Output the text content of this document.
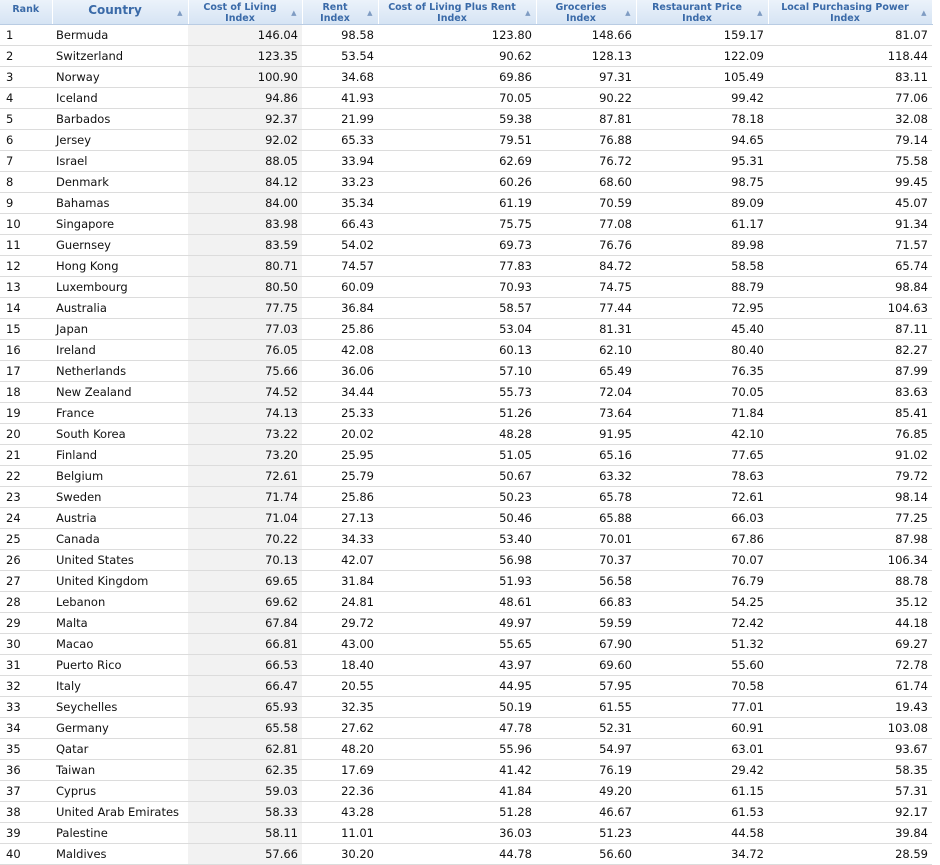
Rank	Country ▲	Cost of Living Index ▲	Rent Index ▲	Cost of Living Plus Rent Index ▲	Groceries Index ▲	Restaurant Price Index ▲	Local Purchasing Power Index ▲

1	Bermuda	146.04	98.58	123.80	148.66	159.17	81.07
2	Switzerland	123.35	53.54	90.62	128.13	122.09	118.44
3	Norway	100.90	34.68	69.86	97.31	105.49	83.11
4	Iceland	94.86	41.93	70.05	90.22	99.42	77.06
5	Barbados	92.37	21.99	59.38	87.81	78.18	32.08
6	Jersey	92.02	65.33	79.51	76.88	94.65	79.14
7	Israel	88.05	33.94	62.69	76.72	95.31	75.58
8	Denmark	84.12	33.23	60.26	68.60	98.75	99.45
9	Bahamas	84.00	35.34	61.19	70.59	89.09	45.07
10	Singapore	83.98	66.43	75.75	77.08	61.17	91.34
11	Guernsey	83.59	54.02	69.73	76.76	89.98	71.57
12	Hong Kong	80.71	74.57	77.83	84.72	58.58	65.74
13	Luxembourg	80.50	60.09	70.93	74.75	88.79	98.84
14	Australia	77.75	36.84	58.57	77.44	72.95	104.63
15	Japan	77.03	25.86	53.04	81.31	45.40	87.11
16	Ireland	76.05	42.08	60.13	62.10	80.40	82.27
17	Netherlands	75.66	36.06	57.10	65.49	76.35	87.99
18	New Zealand	74.52	34.44	55.73	72.04	70.05	83.63
19	France	74.13	25.33	51.26	73.64	71.84	85.41
20	South Korea	73.22	20.02	48.28	91.95	42.10	76.85
21	Finland	73.20	25.95	51.05	65.16	77.65	91.02
22	Belgium	72.61	25.79	50.67	63.32	78.63	79.72
23	Sweden	71.74	25.86	50.23	65.78	72.61	98.14
24	Austria	71.04	27.13	50.46	65.88	66.03	77.25
25	Canada	70.22	34.33	53.40	70.01	67.86	87.98
26	United States	70.13	42.07	56.98	70.37	70.07	106.34
27	United Kingdom	69.65	31.84	51.93	56.58	76.79	88.78
28	Lebanon	69.62	24.81	48.61	66.83	54.25	35.12
29	Malta	67.84	29.72	49.97	59.59	72.42	44.18
30	Macao	66.81	43.00	55.65	67.90	51.32	69.27
31	Puerto Rico	66.53	18.40	43.97	69.60	55.60	72.78
32	Italy	66.47	20.55	44.95	57.95	70.58	61.74
33	Seychelles	65.93	32.35	50.19	61.55	77.01	19.43
34	Germany	65.58	27.62	47.78	52.31	60.91	103.08
35	Qatar	62.81	48.20	55.96	54.97	63.01	93.67
36	Taiwan	62.35	17.69	41.42	76.19	29.42	58.35
37	Cyprus	59.03	22.36	41.84	49.20	61.15	57.31
38	United Arab Emirates	58.33	43.28	51.28	46.67	61.53	92.17
39	Palestine	58.11	11.01	36.03	51.23	44.58	39.84
40	Maldives	57.66	30.20	44.78	56.60	34.72	28.59
